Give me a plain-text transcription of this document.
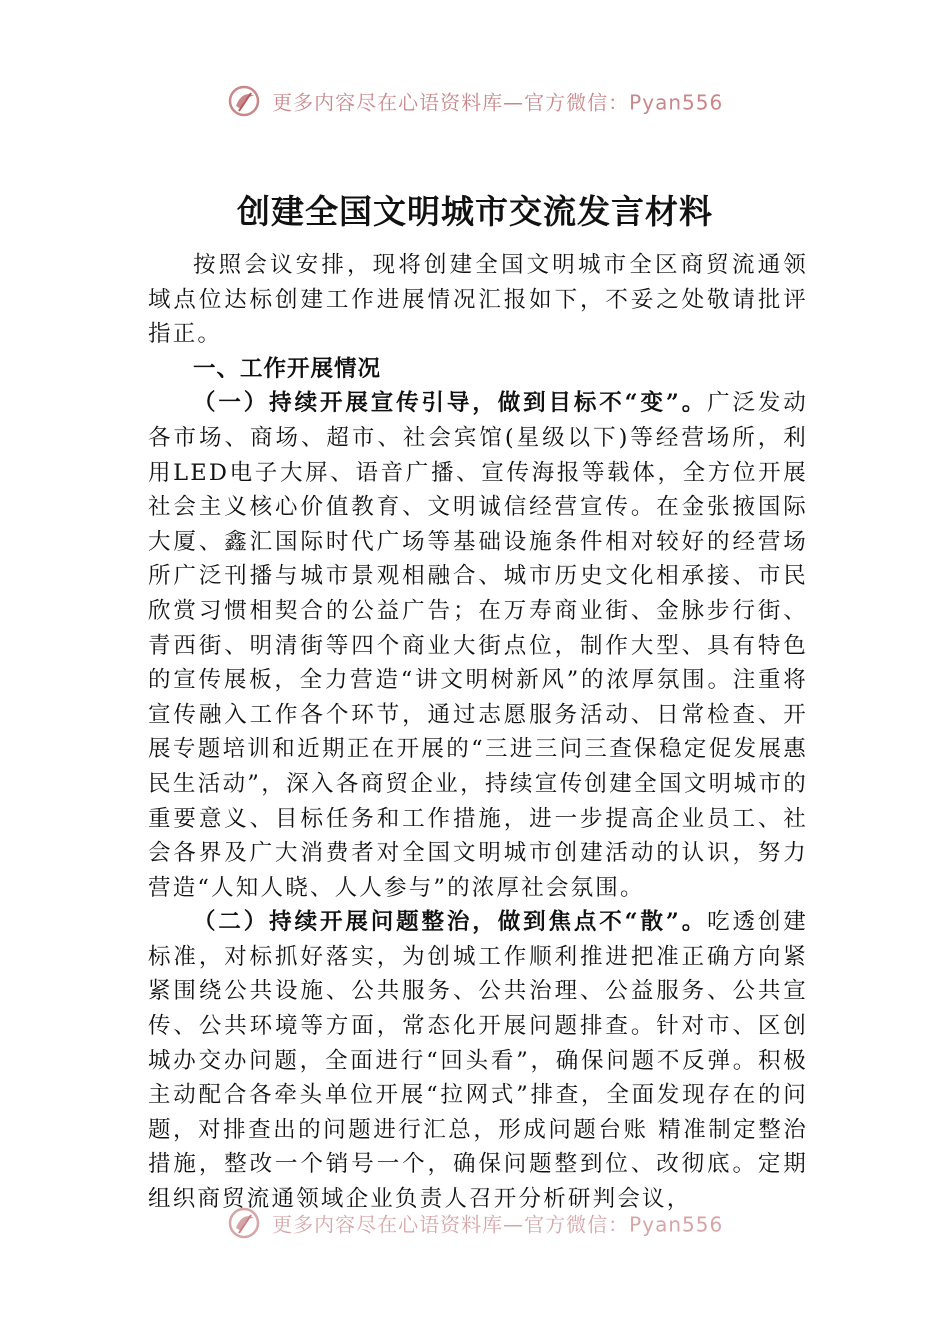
更多内容尽在心语资料库—官方微信：Pyan556
创建全国文明城市交流发言材料

按照会议安排，现将创建全国文明城市全区商贸流通领域点位达标创建工作进展情况汇报如下，不妥之处敬请批评指正。

一、工作开展情况

（一）持续开展宣传引导，做到目标不“变”。广泛发动各市场、商场、超市、社会宾馆(星级以下)等经营场所，利用LED电子大屏、语音广播、宣传海报等载体，全方位开展社会主义核心价值教育、文明诚信经营宣传。在金张掖国际大厦、鑫汇国际时代广场等基础设施条件相对较好的经营场所广泛刊播与城市景观相融合、城市历史文化相承接、市民欣赏习惯相契合的公益广告；在万寿商业街、金脉步行街、青西街、明清街等四个商业大街点位，制作大型、具有特色的宣传展板，全力营造“讲文明树新风”的浓厚氛围。注重将宣传融入工作各个环节，通过志愿服务活动、日常检查、开展专题培训和近期正在开展的“三进三问三查保稳定促发展惠民生活动”，深入各商贸企业，持续宣传创建全国文明城市的重要意义、目标任务和工作措施，进一步提高企业员工、社会各界及广大消费者对全国文明城市创建活动的认识，努力营造“人知人晓、人人参与”的浓厚社会氛围。

（二）持续开展问题整治，做到焦点不“散”。吃透创建标准，对标抓好落实，为创城工作顺利推进把准正确方向紧紧围绕公共设施、公共服务、公共治理、公益服务、公共宣传、公共环境等方面，常态化开展问题排查。针对市、区创城办交办问题，全面进行“回头看”，确保问题不反弹。积极主动配合各牵头单位开展“拉网式”排查，全面发现存在的问题，对排查出的问题进行汇总，形成问题台账 精准制定整治措施，整改一个销号一个，确保问题整到位、改彻底。定期组织商贸流通领域企业负责人召开分析研判会议，

更多内容尽在心语资料库—官方微信：Pyan556
